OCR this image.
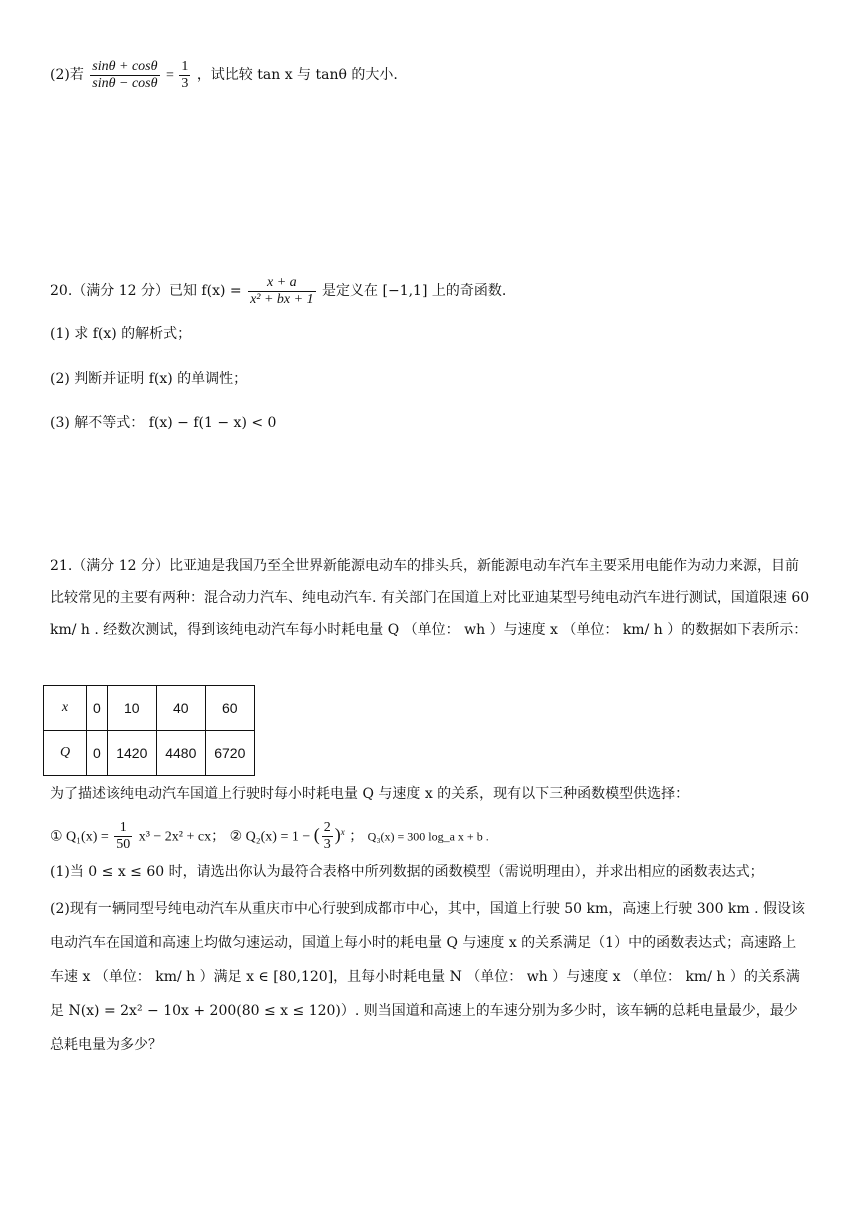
(2)若 $\frac{\sin\theta + \cos\theta}{\sin\theta - \cos\theta} = \frac{1}{3}$ ，试比较 tan x 与 tanθ 的大小.
20.（满分 12 分）已知 $f(x) = \frac{x + a}{\text{x² + bx + 1}}$ 是定义在 [−1,1] 上的奇函数.
(1) 求 f(x) 的解析式；
(2) 判断并证明 f(x) 的单调性；
(3) 解不等式： f(x) − f(1 − x) < 0
21.（满分 12 分）比亚迪是我国乃至全世界新能源电动车的排头兵，新能源电动车汽车主要采用电能作为动力来源，目前比较常见的主要有两种：混合动力汽车、纯电动汽车. 有关部门在国道上对比亚迪某型号纯电动汽车进行测试，国道限速 60 km/ h . 经数次测试，得到该纯电动汽车每小时耗电量 Q （单位： wh ）与速度 x （单位： km/ h ）的数据如下表所示：
x	0	10	40	60
Q	0	1420	4480	6720
为了描述该纯电动汽车国道上行驶时每小时耗电量 Q 与速度 x 的关系，现有以下三种函数模型供选择：
① $Q_1(x) = \frac{1}{50} x^3 - 2x^2$ + cx； ② Q₂(x) = 1 − ( $\frac{2}{3} )^x$ ； Q₃(x) = 300 log_a x + b .
(1)当 0 ≤ x ≤ 60 时，请选出你认为最符合表格中所列数据的函数模型（需说明理由），并求出相应的函数表达式；
(2)现有一辆同型号纯电动汽车从重庆市中心行驶到成都市中心，其中，国道上行驶 50 km，高速上行驶 300 km . 假设该电动汽车在国道和高速上均做匀速运动，国道上每小时的耗电量 Q 与速度 x 的关系满足（1）中的函数表达式；高速路上车速 x （单位： km/ h ）满足 x ∈ [80,120]，且每小时耗电量 N （单位： wh ）与速度 x （单位： km/ h ）的关系满足 N(x) = 2x² − 10x + 200(80 ≤ x ≤ 120)）. 则当国道和高速上的车速分别为多少时，该车辆的总耗电量最少，最少总耗电量为多少？
